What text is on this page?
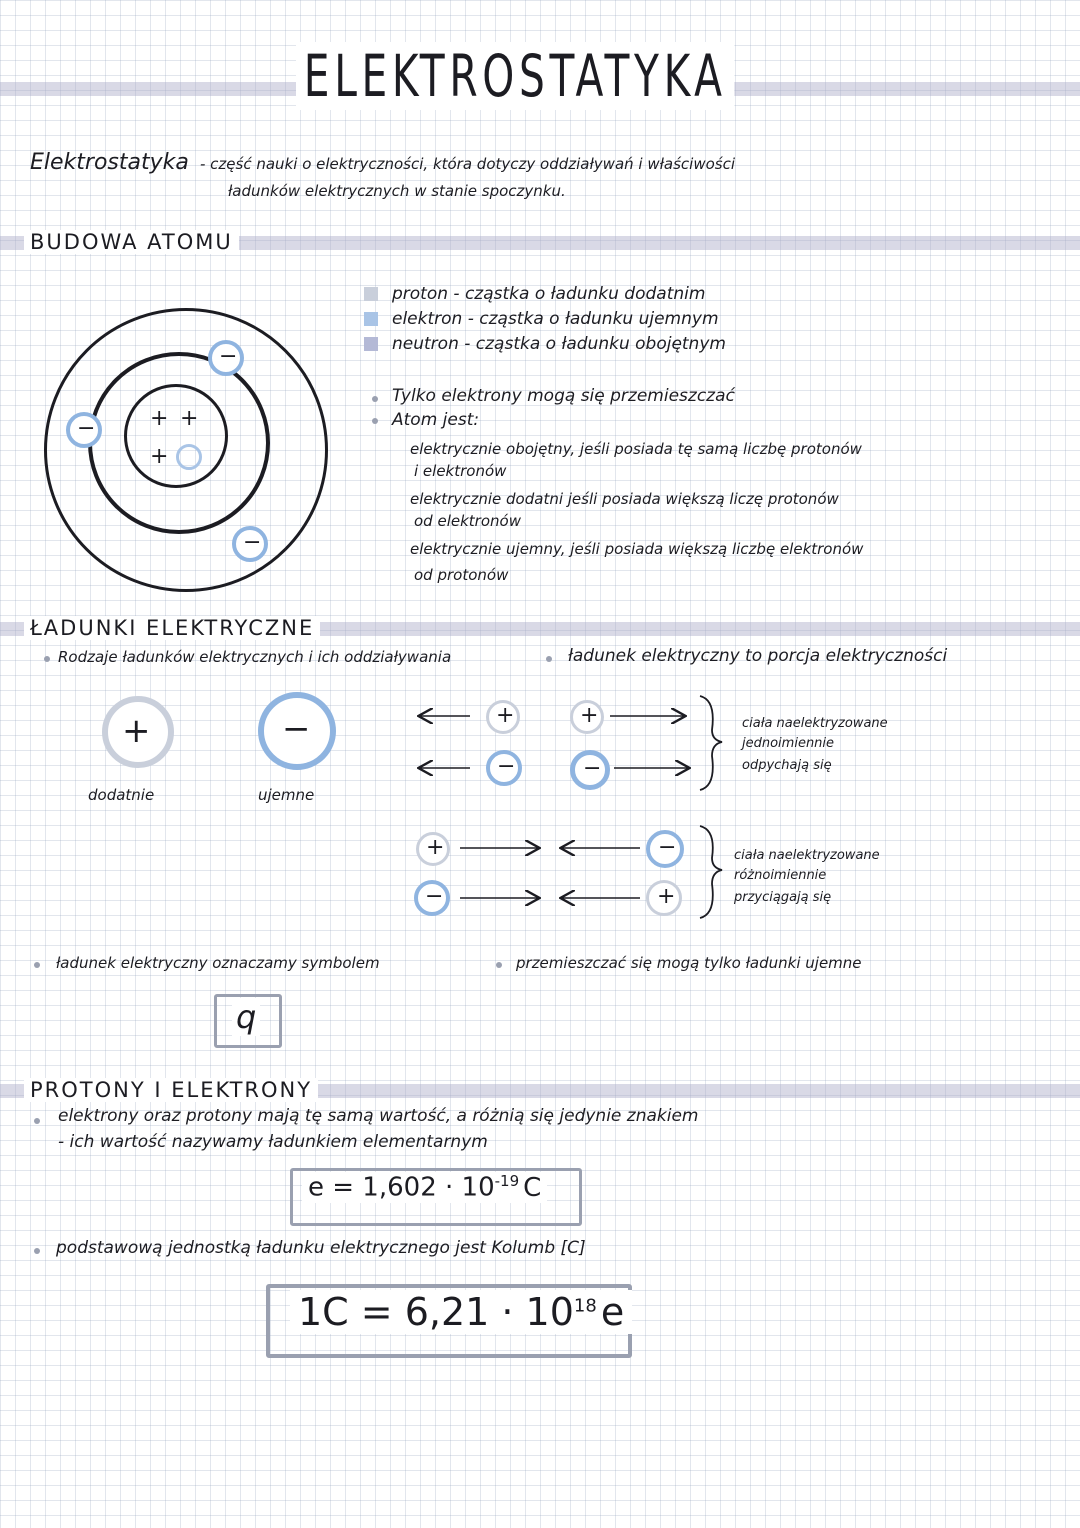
ELEKTROSTATYKA
Elektrostatyka - część nauki o elektryczności, która dotyczy oddziaływań i właściwości
ładunków elektrycznych w stanie spoczynku.
BUDOWA ATOMU
+ +
+
−
−
−
proton - cząstka o ładunku dodatnim
elektron - cząstka o ładunku ujemnym
neutron - cząstka o ładunku obojętnym
Tylko elektrony mogą się przemieszczać
Atom jest:
elektrycznie obojętny, jeśli posiada tę samą liczbę protonów
i elektronów
elektrycznie dodatni jeśli posiada większą liczę protonów
od elektronów
elektrycznie ujemny, jeśli posiada większą liczbę elektronów
od protonów
ŁADUNKI ELEKTRYCZNE
Rodzaje ładunków elektrycznych i ich oddziaływania	ładunek elektryczny to porcja elektryczności
+	−
dodatnie	ujemne
+	+
−	−
ciała naelektryzowane
jednoimiennie
odpychają się
+	−
−	+
ciała naelektryzowane
różnoimiennie
przyciągają się
ładunek elektryczny oznaczamy symbolem
q
przemieszczać się mogą tylko ładunki ujemne
PROTONY I ELEKTRONY
elektrony oraz protony mają tę samą wartość, a różnią się jedynie znakiem
- ich wartość nazywamy ładunkiem elementarnym
$e = 1,602 \cdot 10^{-19}$ C
podstawową jednostką ładunku elektrycznego jest Kolumb [C]
$1C = 6,21 \cdot 10^{18}$ e
